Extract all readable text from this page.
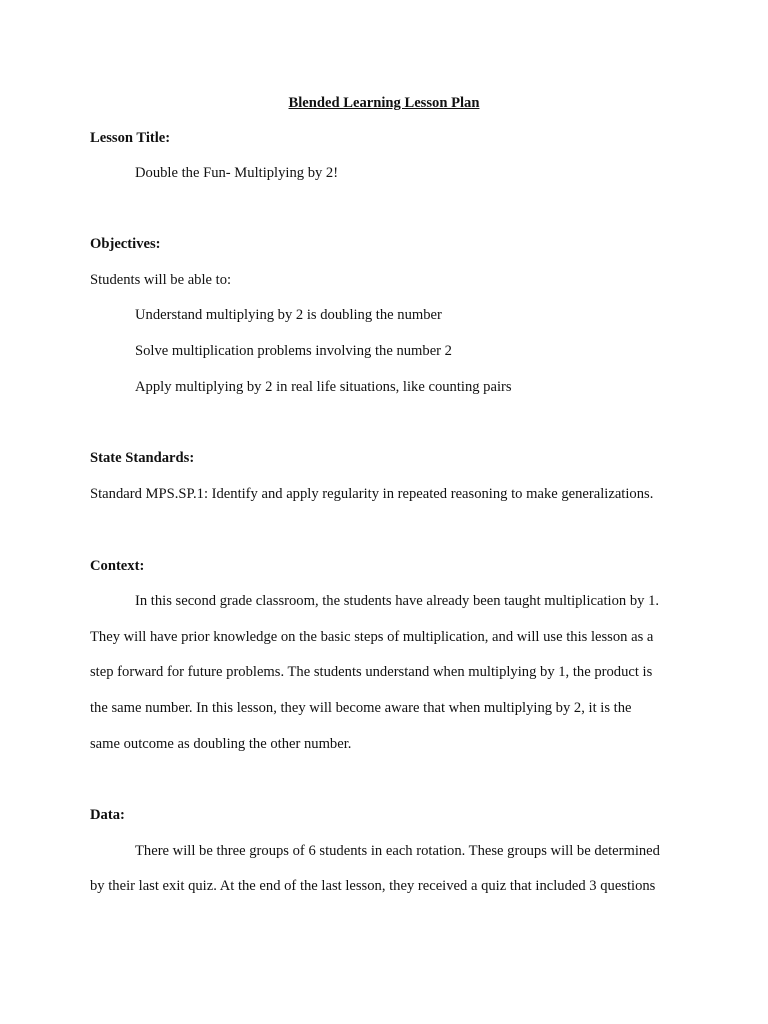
Blended Learning Lesson Plan
Lesson Title:
Double the Fun- Multiplying by 2!
Objectives:
Students will be able to:
Understand multiplying by 2 is doubling the number
Solve multiplication problems involving the number 2
Apply multiplying by 2 in real life situations, like counting pairs
State Standards:
Standard MPS.SP.1: Identify and apply regularity in repeated reasoning to make generalizations.
Context:
In this second grade classroom, the students have already been taught multiplication by 1.
They will have prior knowledge on the basic steps of multiplication, and will use this lesson as a
step forward for future problems. The students understand when multiplying by 1, the product is
the same number. In this lesson, they will become aware that when multiplying by 2, it is the
same outcome as doubling the other number.
Data:
There will be three groups of 6 students in each rotation. These groups will be determined
by their last exit quiz. At the end of the last lesson, they received a quiz that included 3 questions
